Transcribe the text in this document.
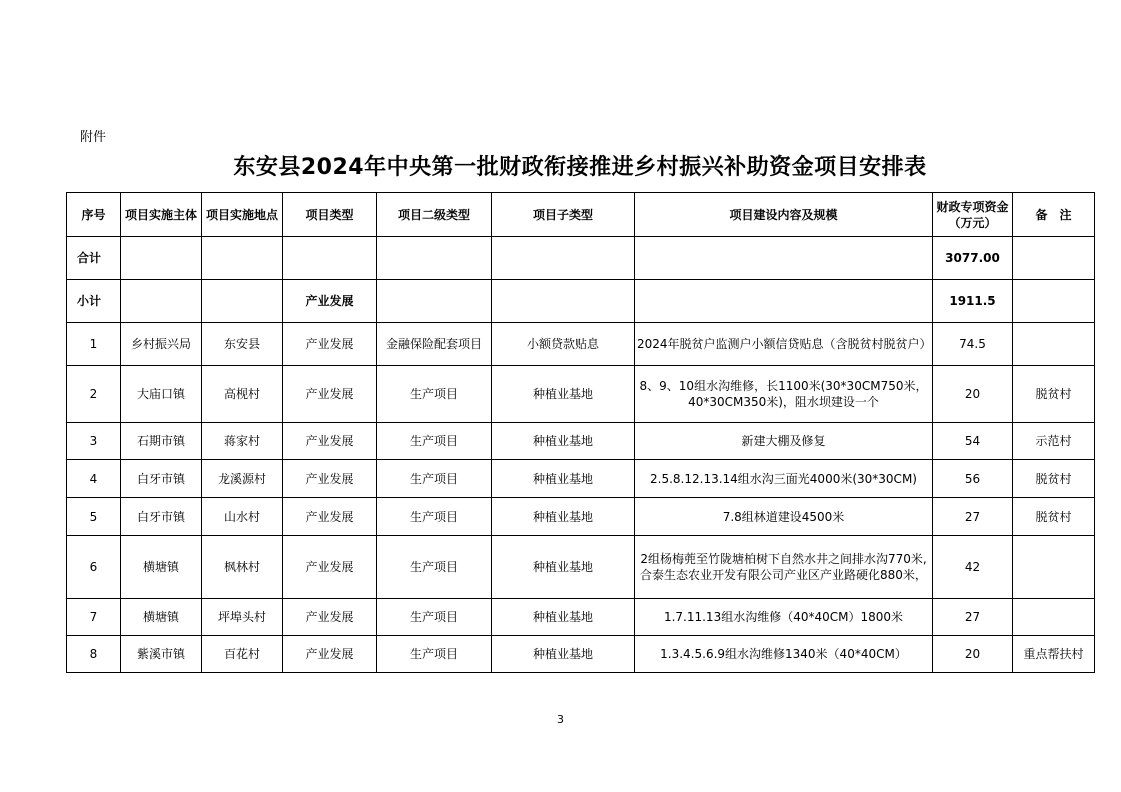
附件
东安县2024年中央第一批财政衔接推进乡村振兴补助资金项目安排表
序号	项目实施主体	项目实施地点	项目类型	项目二级类型	项目子类型	项目建设内容及规模	财政专项资金（万元）	备　注
合计							3077.00	
小计			产业发展				1911.5	
1	乡村振兴局	东安县	产业发展	金融保险配套项目	小额贷款贴息	2024年脱贫户监测户小额信贷贴息（含脱贫村脱贫户）	74.5	
2	大庙口镇	高枧村	产业发展	生产项目	种植业基地	8、9、10组水沟维修，长1100米(30*30CM750米，40*30CM350米)，阻水坝建设一个	20	脱贫村
3	石期市镇	蒋家村	产业发展	生产项目	种植业基地	新建大棚及修复	54	示范村
4	白牙市镇	龙溪源村	产业发展	生产项目	种植业基地	2.5.8.12.13.14组水沟三面光4000米(30*30CM)	56	脱贫村
5	白牙市镇	山水村	产业发展	生产项目	种植业基地	7.8组林道建设4500米	27	脱贫村
6	横塘镇	枫林村	产业发展	生产项目	种植业基地	2组杨梅蔸至竹陇塘柏树下自然水井之间排水沟770米,合泰生态农业开发有限公司产业区产业路硬化880米，	42	
7	横塘镇	坪埠头村	产业发展	生产项目	种植业基地	1.7.11.13组水沟维修（40*40CM）1800米	27	
8	紫溪市镇	百花村	产业发展	生产项目	种植业基地	1.3.4.5.6.9组水沟维修1340米（40*40CM）	20	重点帮扶村
3
